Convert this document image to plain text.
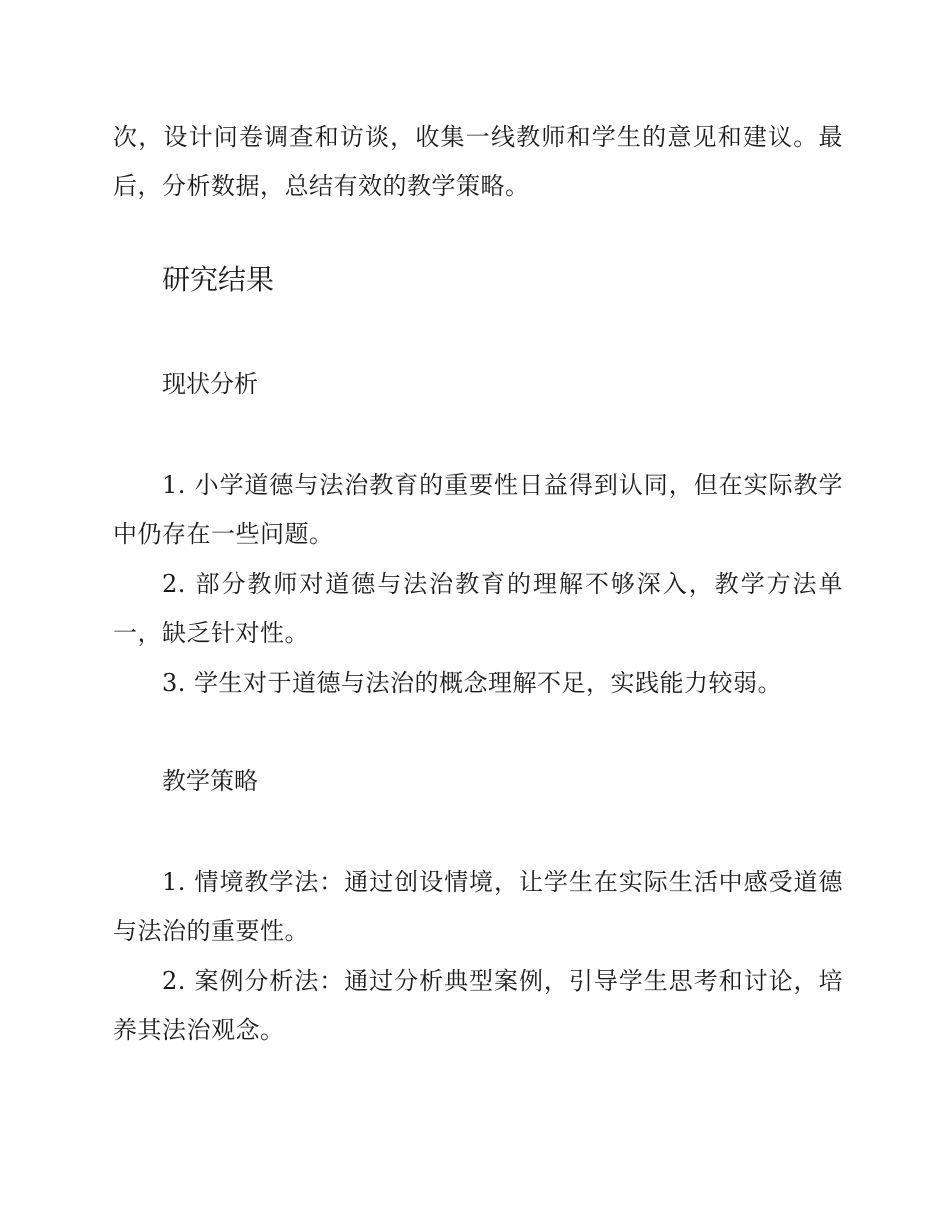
次，设计问卷调查和访谈，收集一线教师和学生的意见和建议。最后，分析数据，总结有效的教学策略。

研究结果
现状分析

1. 小学道德与法治教育的重要性日益得到认同，但在实际教学中仍存在一些问题。

2. 部分教师对道德与法治教育的理解不够深入，教学方法单一，缺乏针对性。

3. 学生对于道德与法治的概念理解不足，实践能力较弱。

教学策略

1. 情境教学法：通过创设情境，让学生在实际生活中感受道德与法治的重要性。

2. 案例分析法：通过分析典型案例，引导学生思考和讨论，培养其法治观念。
